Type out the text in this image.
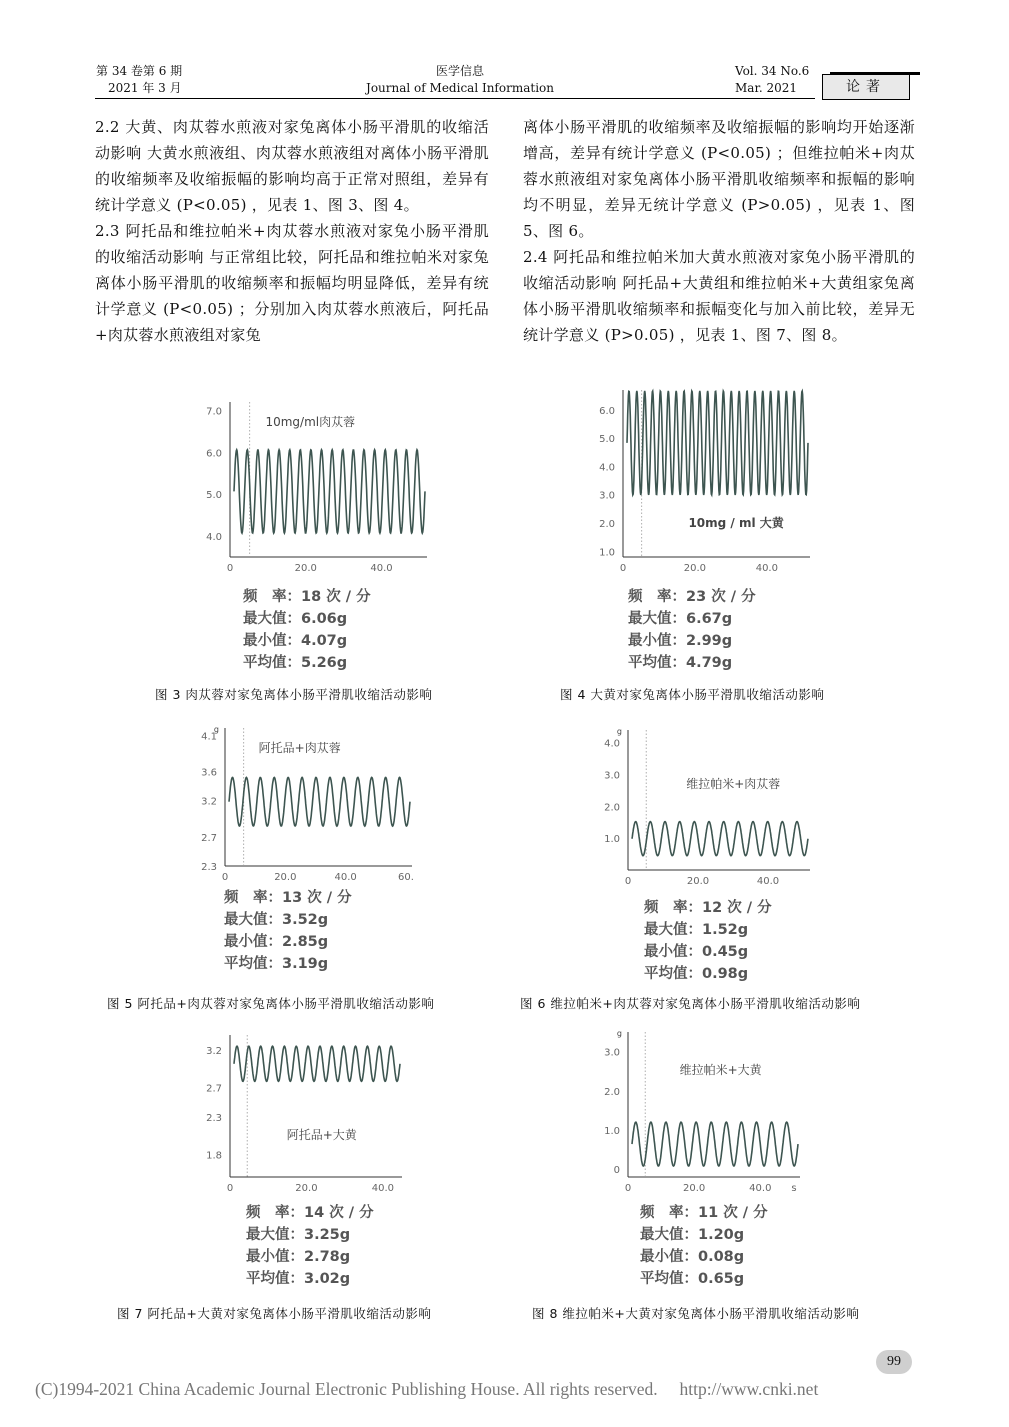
第 34 卷第 6 期
2021 年 3 月
医学信息
Journal of Medical Information
Vol. 34 No.6
Mar. 2021	论著

2.2 大黄、肉苁蓉水煎液对家兔离体小肠平滑肌的收缩活动影响 大黄水煎液组、肉苁蓉水煎液组对离体小肠平滑肌的收缩频率及收缩振幅的影响均高于正常对照组，差异有统计学意义 (P<0.05) ，见表 1、图 3、图 4。

2.3 阿托品和维拉帕米+肉苁蓉水煎液对家兔小肠平滑肌的收缩活动影响 与正常组比较，阿托品和维拉帕米对家兔离体小肠平滑肌的收缩频率和振幅均明显降低，差异有统计学意义 (P<0.05) ；分别加入肉苁蓉水煎液后，阿托品+肉苁蓉水煎液组对家兔

离体小肠平滑肌的收缩频率及收缩振幅的影响均开始逐渐增高，差异有统计学意义 (P<0.05) ；但维拉帕米+肉苁蓉水煎液组对家兔离体小肠平滑肌收缩频率和振幅的影响均不明显，差异无统计学意义 (P>0.05) ，见表 1、图 5、图 6。

2.4 阿托品和维拉帕米加大黄水煎液对家兔小肠平滑肌的收缩活动影响 阿托品+大黄组和维拉帕米+大黄组家兔离体小肠平滑肌收缩频率和振幅变化与加入前比较，差异无统计学意义 (P>0.05) ，见表 1、图 7、图 8。

7.0
6.0
5.0
4.0
0	20.0	40.0
10mg/ml肉苁蓉
频　率：18 次 / 分
最大值：6.06g
最小值：4.07g
平均值：5.26g
图 3 肉苁蓉对家兔离体小肠平滑肌收缩活动影响
6.0
5.0
4.0
3.0
2.0
1.0
0	20.0	40.0
10mg / ml 大黄
频　率：23 次 / 分
最大值：6.67g
最小值：2.99g
平均值：4.79g
图 4 大黄对家兔离体小肠平滑肌收缩活动影响
4.1
3.6
3.2
2.7
2.3
g
0	20.0	40.0	60.
阿托品+肉苁蓉
频　率：13 次 / 分
最大值：3.52g
最小值：2.85g
平均值：3.19g
图 5 阿托品+肉苁蓉对家兔离体小肠平滑肌收缩活动影响
4.0
3.0
2.0
1.0
g
0	20.0	40.0
维拉帕米+肉苁蓉
频　率：12 次 / 分
最大值：1.52g
最小值：0.45g
平均值：0.98g
图 6 维拉帕米+肉苁蓉对家兔离体小肠平滑肌收缩活动影响
3.2
2.7
2.3
1.8
0	20.0	40.0
阿托品+大黄
频　率：14 次 / 分
最大值：3.25g
最小值：2.78g
平均值：3.02g
图 7 阿托品+大黄对家兔离体小肠平滑肌收缩活动影响
3.0
2.0
1.0
0
g
0	20.0	40.0 s
维拉帕米+大黄
频　率：11 次 / 分
最大值：1.20g
最小值：0.08g
平均值：0.65g
图 8 维拉帕米+大黄对家兔离体小肠平滑肌收缩活动影响
99
(C)1994-2021 China Academic Journal Electronic Publishing House. All rights reserved.　 http://www.cnki.net
